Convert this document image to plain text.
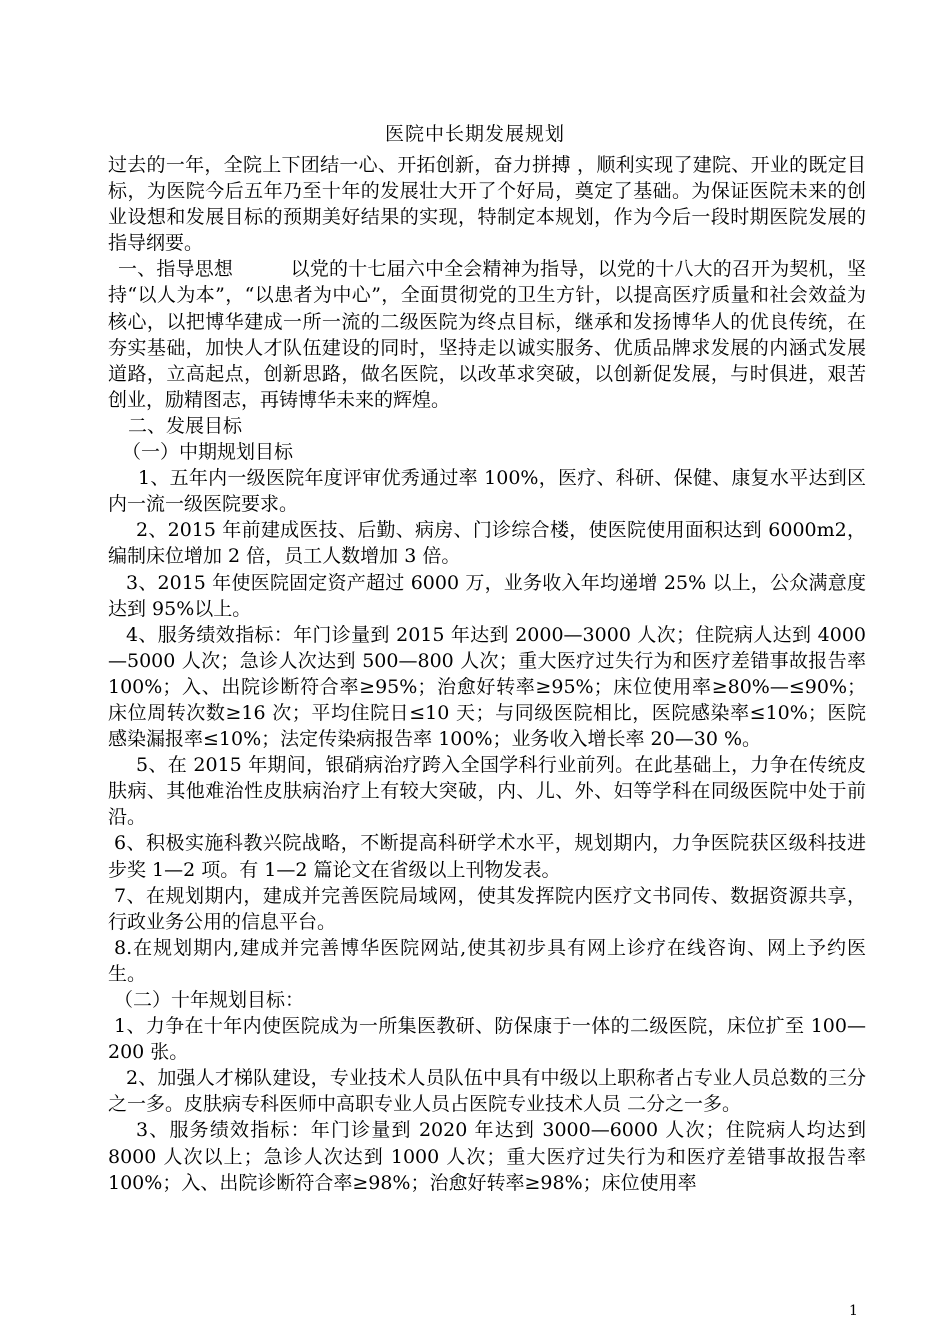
医院中长期发展规划

过去的一年，全院上下团结一心、开拓创新，奋力拼搏 ，顺利实现了建院、开业的既定目标，为医院今后五年乃至十年的发展壮大开了个好局，奠定了基础。为保证医院未来的创业设想和发展目标的预期美好结果的实现，特制定本规划，作为今后一段时期医院发展的指导纲要。

一、指导思想　　　以党的十七届六中全会精神为指导，以党的十八大的召开为契机，坚持“以人为本”，“以患者为中心”，全面贯彻党的卫生方针，以提高医疗质量和社会效益为核心，以把博华建成一所一流的二级医院为终点目标，继承和发扬博华人的优良传统，在夯实基础，加快人才队伍建设的同时，坚持走以诚实服务、优质品牌求发展的内涵式发展道路，立高起点，创新思路，做名医院，以改革求突破，以创新促发展，与时俱进，艰苦创业，励精图志，再铸博华未来的辉煌。

二、发展目标

（一）中期规划目标

1、五年内一级医院年度评审优秀通过率 100%，医疗、科研、保健、康复水平达到区内一流一级医院要求。

2、2015 年前建成医技、后勤、病房、门诊综合楼，使医院使用面积达到 6000m2，编制床位增加 2 倍，员工人数增加 3 倍。

3、2015 年使医院固定资产超过 6000 万，业务收入年均递增 25% 以上，公众满意度达到 95%以上。

4、服务绩效指标：年门诊量到 2015 年达到 2000—3000 人次；住院病人达到 4000—5000 人次；急诊人次达到 500—800 人次；重大医疗过失行为和医疗差错事故报告率 100%；入、出院诊断符合率≥95%；治愈好转率≥95%；床位使用率≥80%—≤90%；床位周转次数≥16 次；平均住院日≤10 天；与同级医院相比，医院感染率≤10%；医院感染漏报率≤10%；法定传染病报告率 100%；业务收入增长率 20—30 %。

5、在 2015 年期间，银硝病治疗跨入全国学科行业前列。在此基础上，力争在传统皮肤病、其他难治性皮肤病治疗上有较大突破，内、儿、外、妇等学科在同级医院中处于前沿。

6、积极实施科教兴院战略，不断提高科研学术水平，规划期内，力争医院获区级科技进步奖 1—2 项。有 1—2 篇论文在省级以上刊物发表。

7、在规划期内，建成并完善医院局域网，使其发挥院内医疗文书同传、数据资源共享，行政业务公用的信息平台。

8.在规划期内,建成并完善博华医院网站,使其初步具有网上诊疗在线咨询、网上予约医生。

（二）十年规划目标：

1、力争在十年内使医院成为一所集医教研、防保康于一体的二级医院，床位扩至 100—200 张。

2、加强人才梯队建设，专业技术人员队伍中具有中级以上职称者占专业人员总数的三分之一多。皮肤病专科医师中高职专业人员占医院专业技术人员 二分之一多。

3、服务绩效指标：年门诊量到 2020 年达到 3000—6000 人次；住院病人均达到 8000 人次以上；急诊人次达到 1000 人次；重大医疗过失行为和医疗差错事故报告率 100%；入、出院诊断符合率≥98%；治愈好转率≥98%；床位使用率

1
